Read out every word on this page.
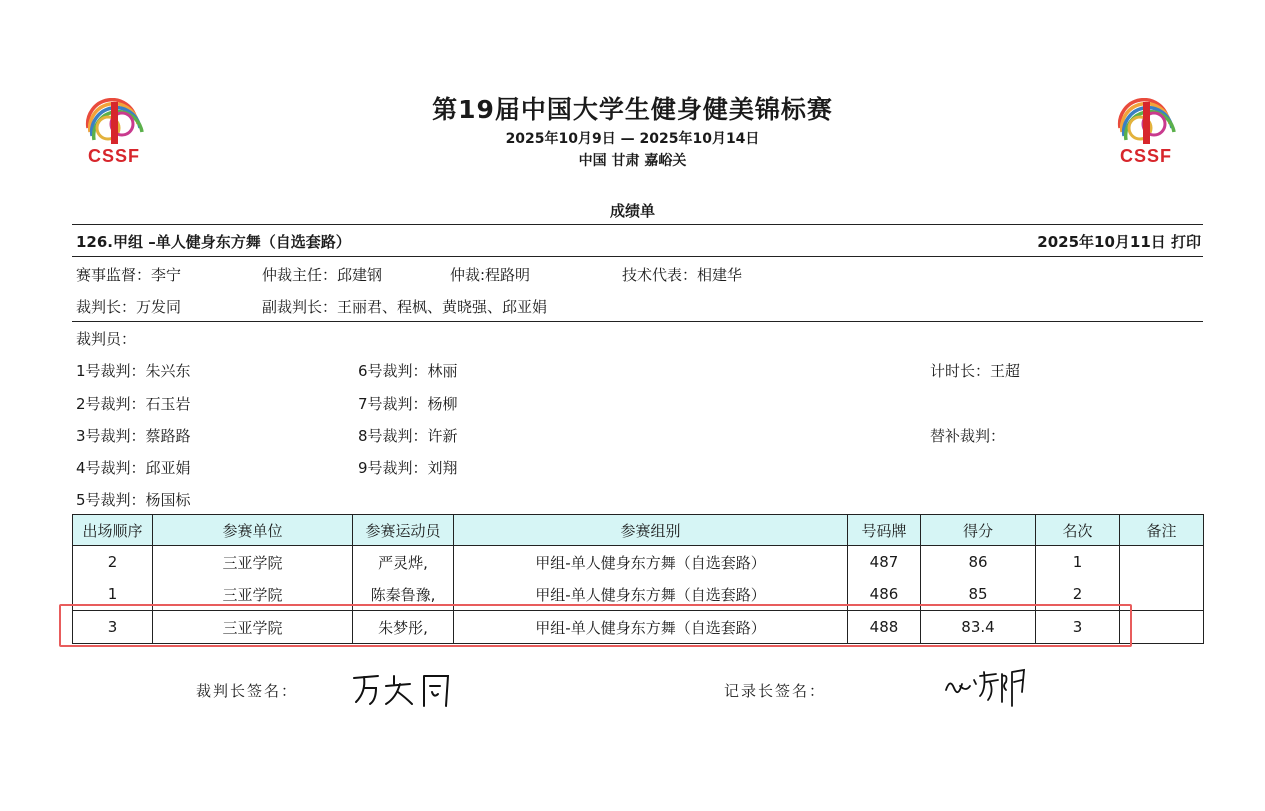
CSSF	CSSF
第19届中国大学生健身健美锦标赛
2025年10月9日 — 2025年10月14日
中国 甘肃 嘉峪关
成绩单
126.甲组 –单人健身东方舞（自选套路）	2025年10月11日 打印
赛事监督：李宁	仲裁主任：邱建钢	仲裁:程路明	技术代表：相建华
裁判长：万发同	副裁判长：王丽君、程枫、黄晓强、邱亚娟
裁判员：
1号裁判：朱兴东
2号裁判：石玉岩
3号裁判：蔡路路
4号裁判：邱亚娟
5号裁判：杨国标
6号裁判：林丽
7号裁判：杨柳
8号裁判：许新
9号裁判：刘翔
计时长：王超
替补裁判：
出场顺序	参赛单位	参赛运动员	参赛组别	号码牌	得分	名次	备注
2	三亚学院	严灵烨,	甲组-单人健身东方舞（自选套路）	487	86	1	
1	三亚学院	陈秦鲁豫,	甲组-单人健身东方舞（自选套路）	486	85	2	
3	三亚学院	朱梦彤,	甲组-单人健身东方舞（自选套路）	488	83.4	3	
裁判长签名：	记录长签名：
